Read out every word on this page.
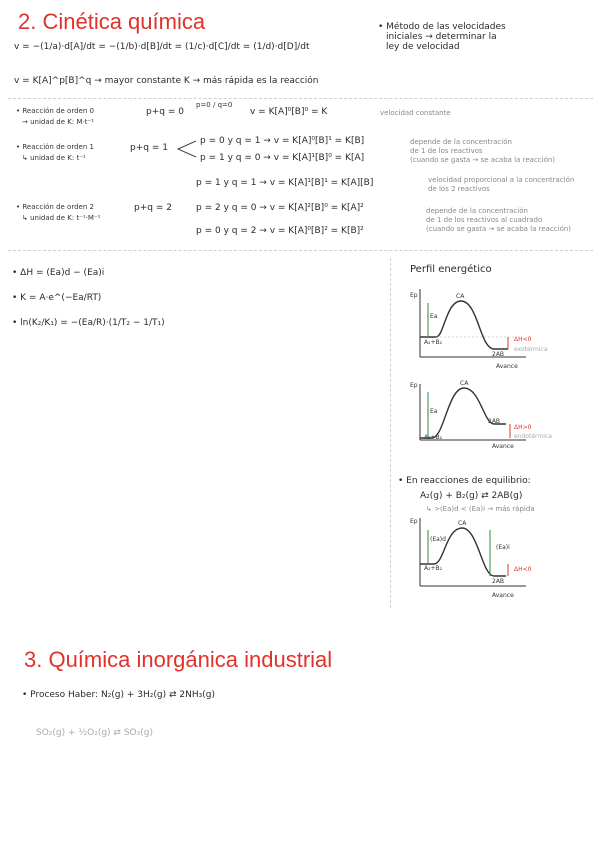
2. Cinética química
v = −(1/a)·d[A]/dt = −(1/b)·d[B]/dt = (1/c)·d[C]/dt = (1/d)·d[D]/dt
• Método de las velocidades
iniciales → determinar la
ley de velocidad
v = K[A]^p[B]^q → mayor constante K → más rápida es la reacción
• Reacción de orden 0
→ unidad de K: M·t⁻¹
p+q = 0
p=0 / q=0
v = K[A]⁰[B]⁰ = K	velocidad constante
• Reacción de orden 1
↳ unidad de K: t⁻¹
p+q = 1
p = 0 y q = 1 → v = K[A]⁰[B]¹ = K[B]
p = 1 y q = 0 → v = K[A]¹[B]⁰ = K[A]
depende de la concentración
de 1 de los reactivos
(cuando se gasta → se acaba la reacción)
p = 1 y q = 1 → v = K[A]¹[B]¹ = K[A][B]	velocidad proporcional a la concentración
de los 2 reactivos
• Reacción de orden 2
↳ unidad de K: t⁻¹·M⁻¹
p+q = 2	p = 2 y q = 0 → v = K[A]²[B]⁰ = K[A]²
p = 0 y q = 2 → v = K[A]⁰[B]² = K[B]²
depende de la concentración
de 1 de los reactivos al cuadrado
(cuando se gasta → se acaba la reacción)
• ΔH = (Ea)d − (Ea)i
• K = A·e^(−Ea/RT)
• ln(K₂/K₁) = −(Ea/R)·(1/T₂ − 1/T₁)
Perfil energético
Ep	CA
Ea
A₂+B₂
2AB
ΔH<0
exotérmica
Avance
Ep	CA
Ea
A₂+B₂
2AB
ΔH>0
endotérmica
Avance
• En reacciones de equilibrio:
A₂(g) + B₂(g) ⇄ 2AB(g)
↳ >(Ea)d < (Ea)i → más rápida
Ep	CA
(Ea)d
(Ea)i
A₂+B₂
2AB
ΔH<0
Avance
3. Química inorgánica industrial
• Proceso Haber: N₂(g) + 3H₂(g) ⇄ 2NH₃(g)
SO₂(g) + ½O₂(g) ⇄ SO₃(g)
